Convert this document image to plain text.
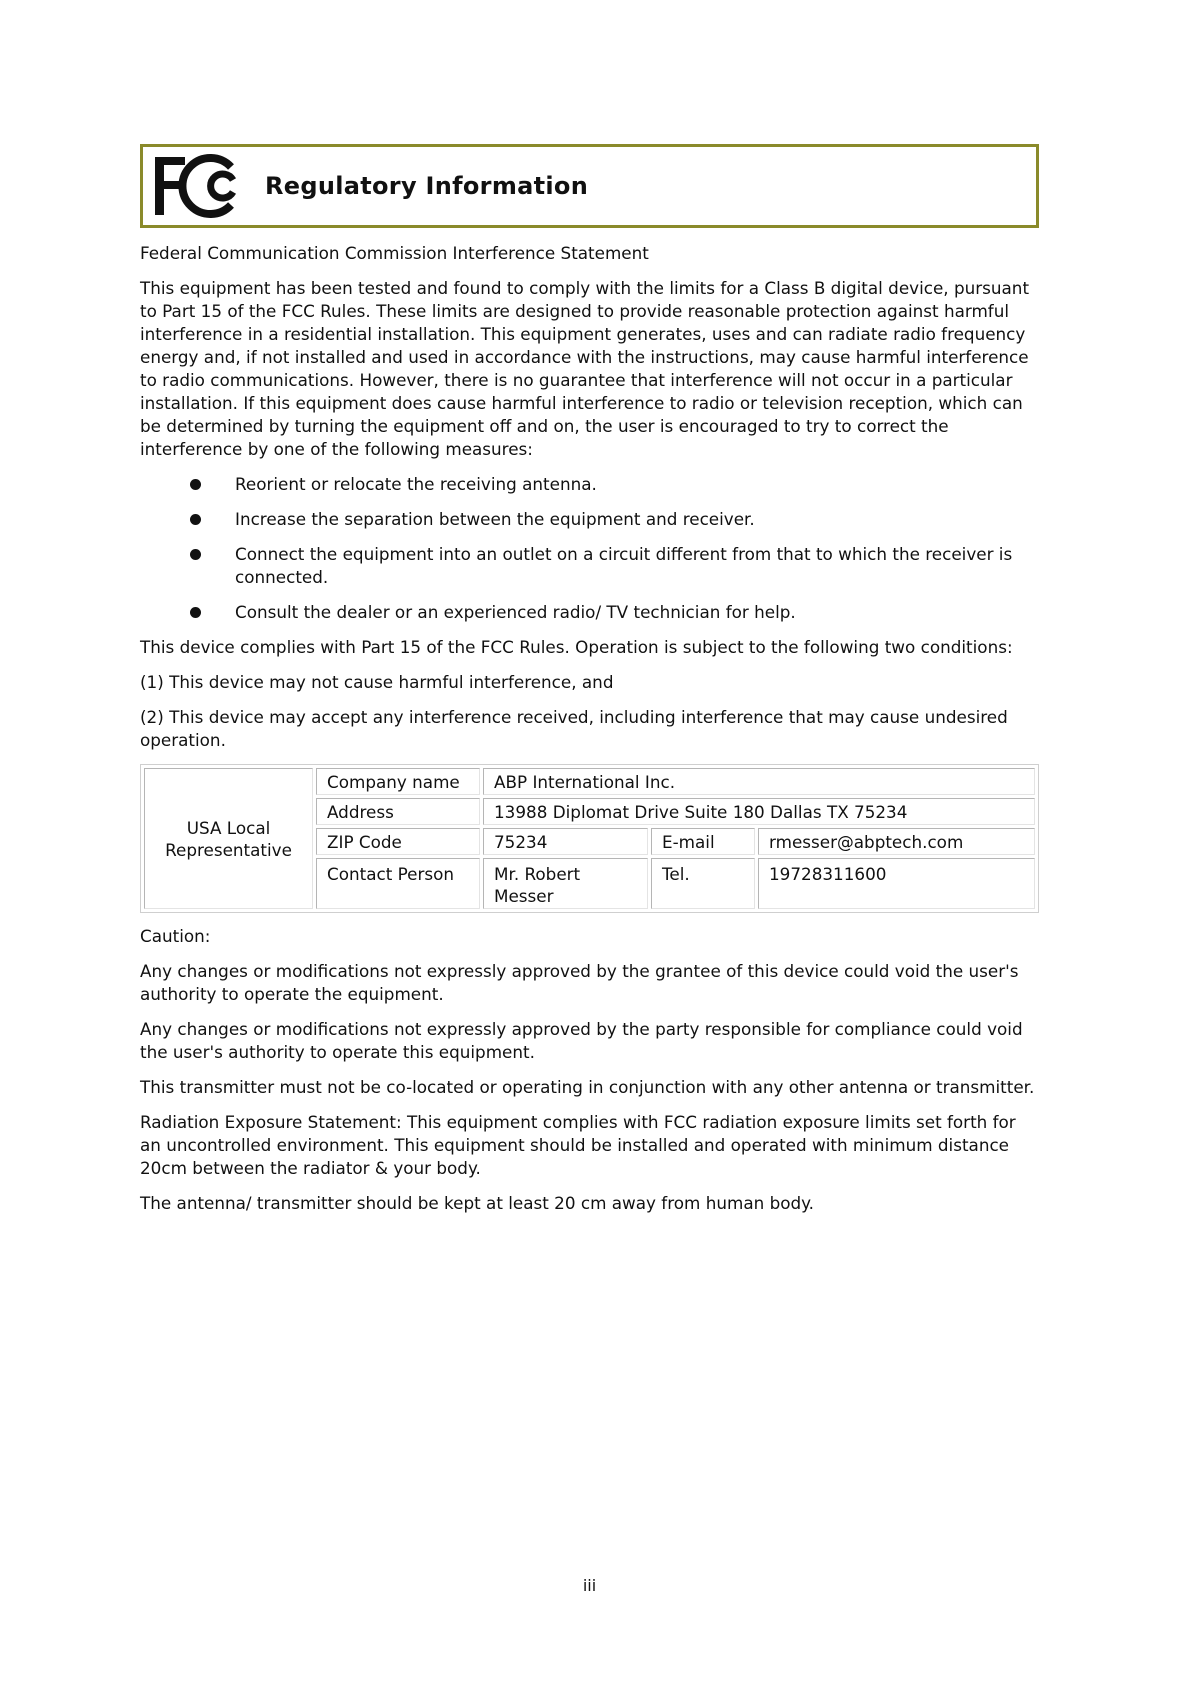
Regulatory Information

Federal Communication Commission Interference Statement

This equipment has been tested and found to comply with the limits for a Class B digital device, pursuant to Part 15 of the FCC Rules. These limits are designed to provide reasonable protection against harmful interference in a residential installation. This equipment generates, uses and can radiate radio frequency energy and, if not installed and used in accordance with the instructions, may cause harmful interference to radio communications. However, there is no guarantee that interference will not occur in a particular installation. If this equipment does cause harmful interference to radio or television reception, which can be determined by turning the equipment off and on, the user is encouraged to try to correct the interference by one of the following measures:

Reorient or relocate the receiving antenna.
Increase the separation between the equipment and receiver.
Connect the equipment into an outlet on a circuit different from that to which the receiver is connected.
Consult the dealer or an experienced radio/ TV technician for help.

This device complies with Part 15 of the FCC Rules. Operation is subject to the following two conditions:

(1) This device may not cause harmful interference, and

(2) This device may accept any interference received, including interference that may cause undesired operation.

USA Local
Representative	Company name	ABP International Inc.		
	Address	13988 Diplomat Drive Suite 180 Dallas TX 75234		
	ZIP Code	75234	E-mail	rmesser@abptech.com
	Contact Person	Mr. Robert Messer	Tel.	19728311600

Caution:

Any changes or modifications not expressly approved by the grantee of this device could void the user's authority to operate the equipment.

Any changes or modifications not expressly approved by the party responsible for compliance could void the user's authority to operate this equipment.

This transmitter must not be co-located or operating in conjunction with any other antenna or transmitter.

Radiation Exposure Statement: This equipment complies with FCC radiation exposure limits set forth for an uncontrolled environment. This equipment should be installed and operated with minimum distance 20cm between the radiator & your body.

The antenna/ transmitter should be kept at least 20 cm away from human body.

iii
